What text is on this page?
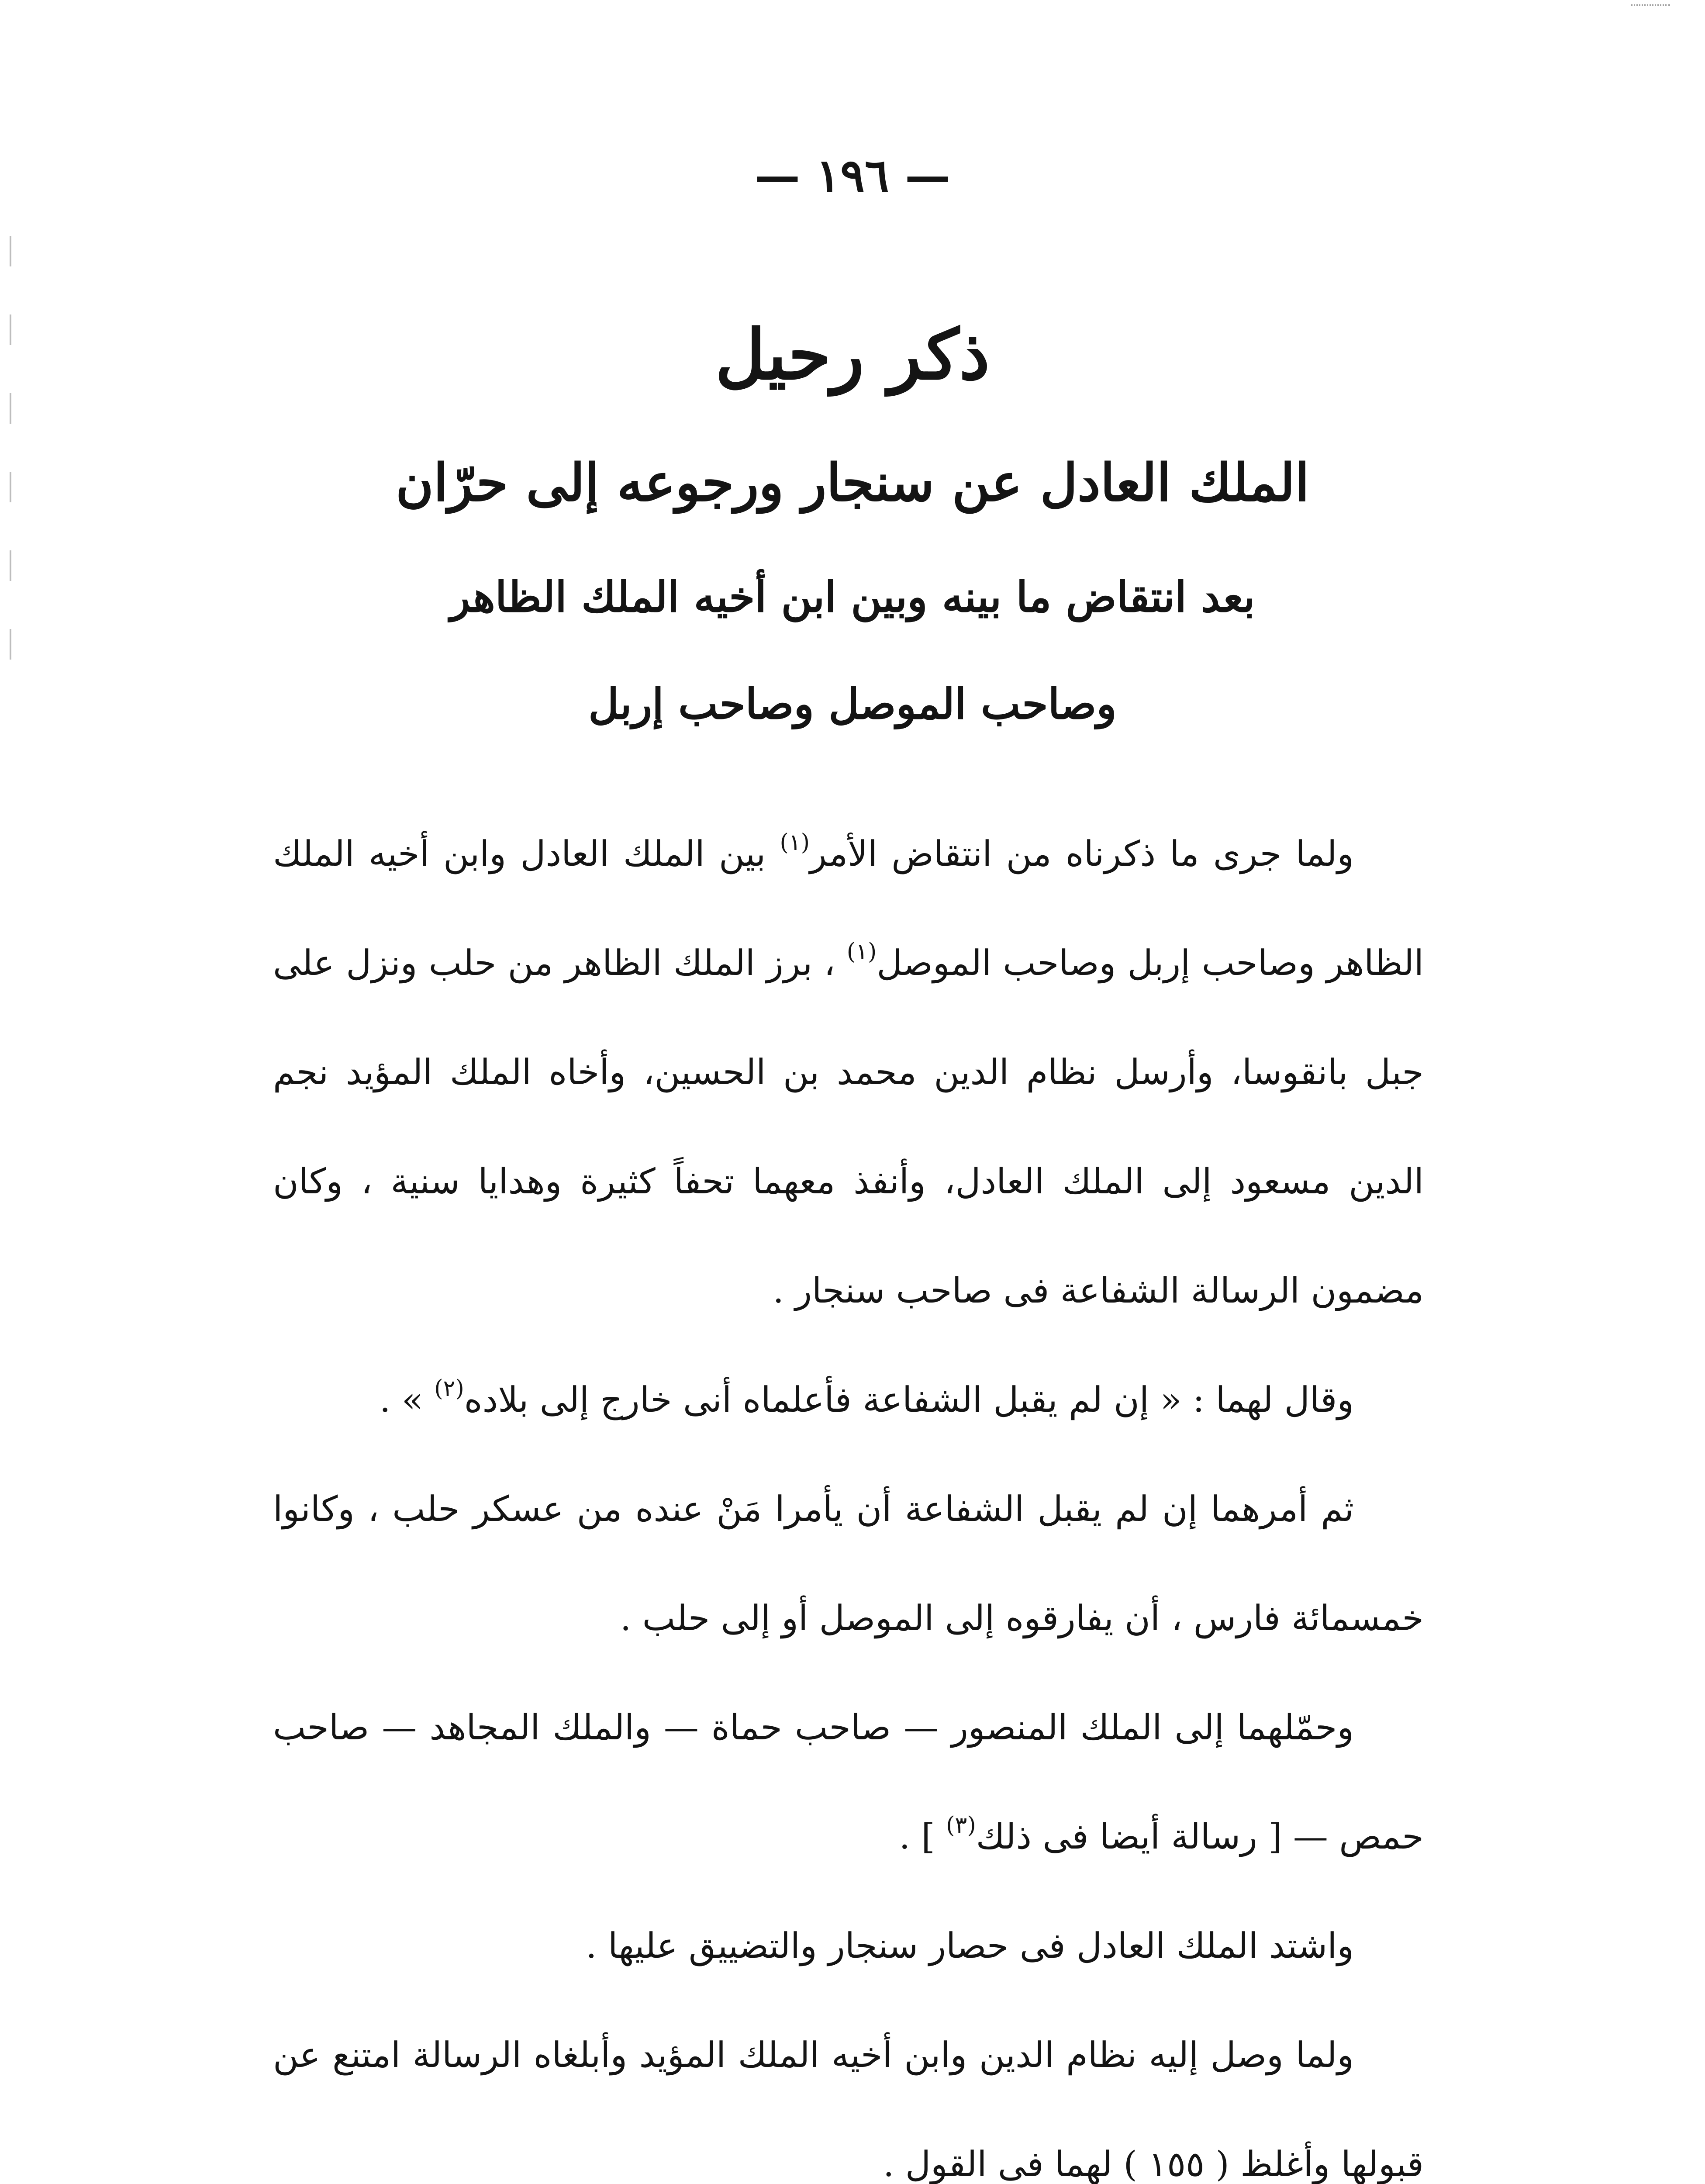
— ١٩٦ —
ذكر رحيل
الملك العادل عن سنجار ورجوعه إلى حرّان
بعد انتقاض ما بينه وبين ابن أخيه الملك الظاهر
وصاحب الموصل وصاحب إربل

ولما جرى ما ذكرناه من انتقاض الأمر$^{(١)}$ بين الملك العادل وابن أخيه الملك الظاهر وصاحب إربل وصاحب الموصل$^{(١)}$ ، برز الملك الظاهر من حلب ونزل على جبل بانقوسا، وأرسل نظام الدين محمد بن الحسين، وأخاه الملك المؤيد نجم الدين مسعود إلى الملك العادل، وأنفذ معهما تحفاً كثيرة وهدايا سنية ، وكان مضمون الرسالة الشفاعة فى صاحب سنجار .

وقال لهما : « إن لم يقبل الشفاعة فأعلماه أنى خارج إلى بلاده$^{(٢)}$ » .

ثم أمرهما إن لم يقبل الشفاعة أن يأمرا مَنْ عنده من عسكر حلب ، وكانوا خمسمائة فارس ، أن يفارقوه إلى الموصل أو إلى حلب .

وحمّلهما إلى الملك المنصور — صاحب حماة — والملك المجاهد — صاحب حمص — [ رسالة أيضا فى ذلك$^{(٣)}$ ] .

واشتد الملك العادل فى حصار سنجار والتضييق عليها .

ولما وصل إليه نظام الدين وابن أخيه الملك المؤيد وأبلغاه الرسالة امتنع عن قبولها وأغلظ ( ١٥٥ ) لهما فى القول .
